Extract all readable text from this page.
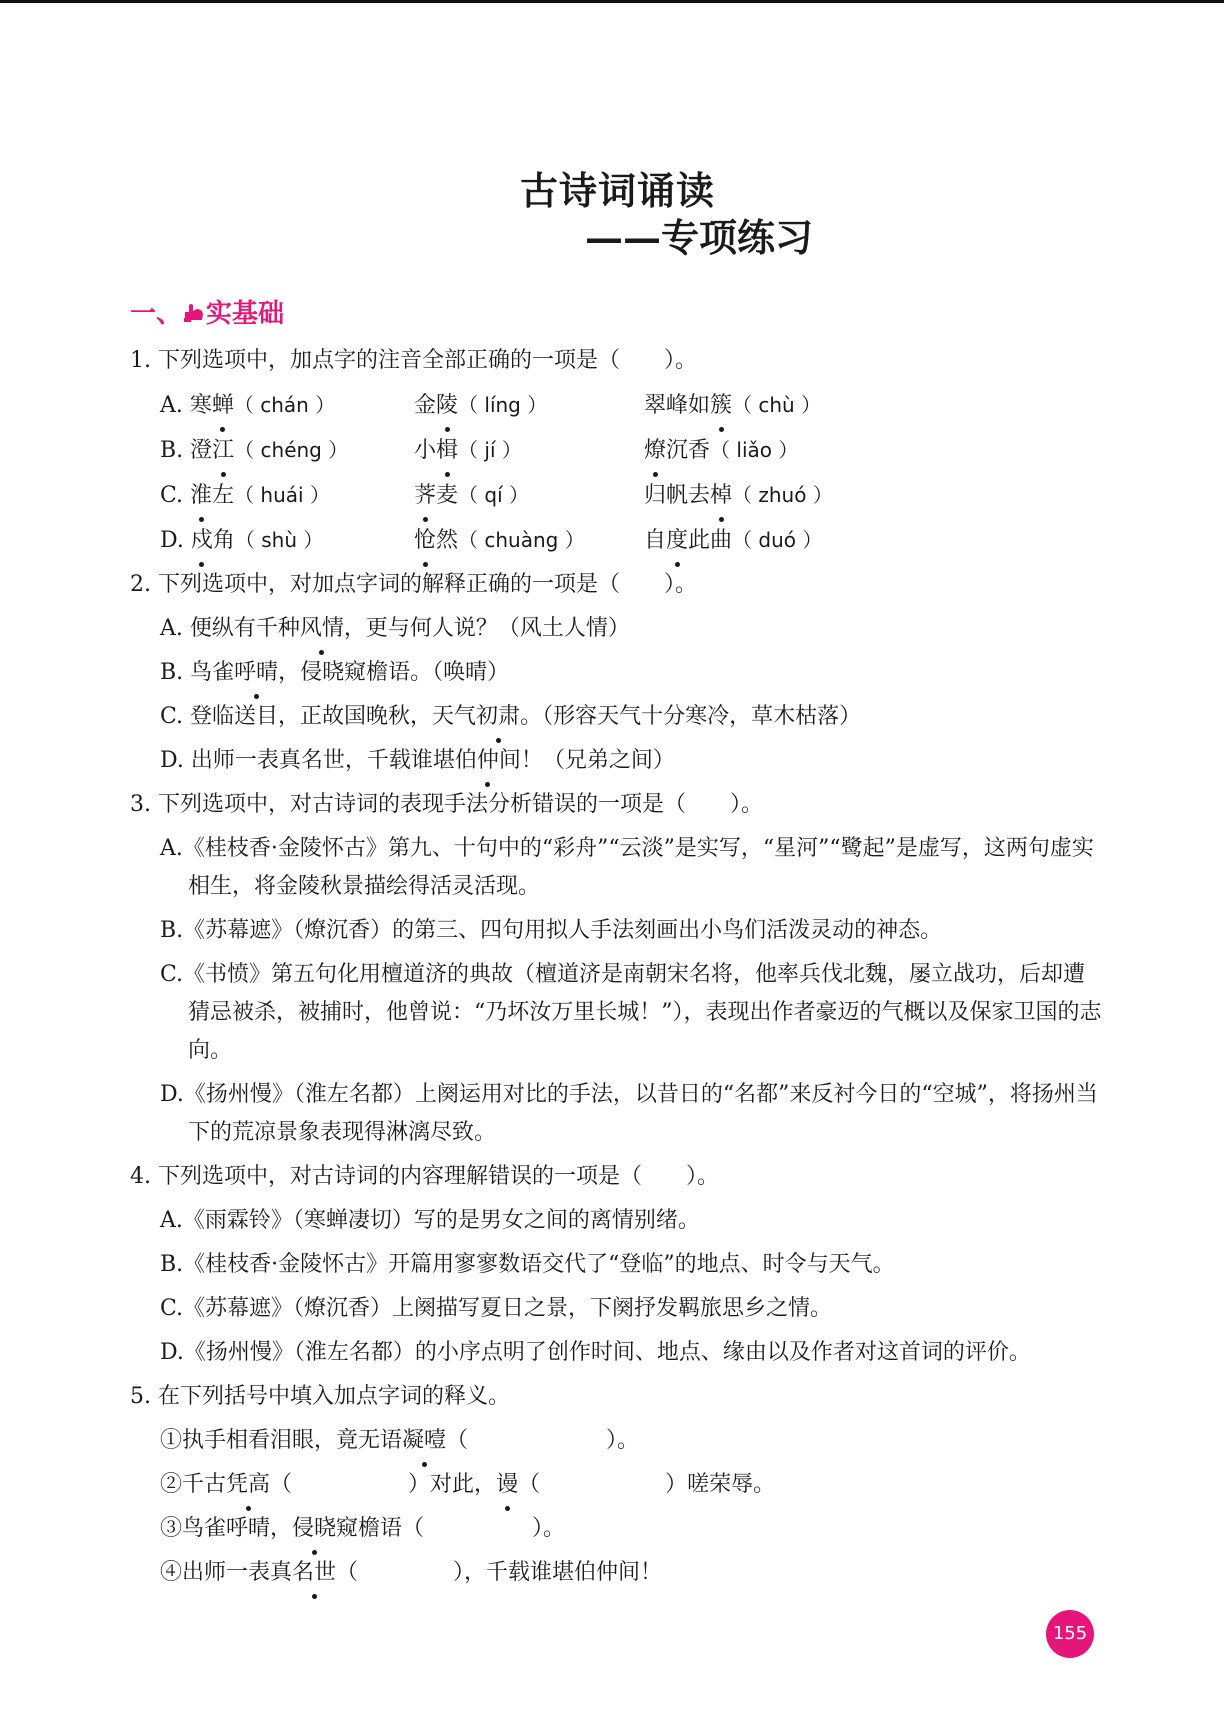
古诗词诵读
——专项练习
一、 实基础

1. 下列选项中，加点字的注音全部正确的一项是（　　）。

A. 寒蝉（ chán ）	金陵（ líng ）	翠峰如簇（ chù ）
B. 澄江（ chéng ）	小楫（ jí ）	燎沉香（ liǎo ）
C. 淮左（ huái ）	荠麦（ qí ）	归帆去棹（ zhuó ）
D. 戍角（ shù ）	怆然（ chuàng ）	自度此曲（ duó ）

2. 下列选项中，对加点字词的解释正确的一项是（　　）。

A. 便纵有千种风情，更与何人说？（风土人情）

B. 鸟雀呼晴，侵晓窥檐语。（唤晴）

C. 登临送目，正故国晚秋，天气初肃。（形容天气十分寒冷，草木枯落）

D. 出师一表真名世，千载谁堪伯仲间！（兄弟之间）

3. 下列选项中，对古诗词的表现手法分析错误的一项是（　　）。

A.《桂枝香·金陵怀古》第九、十句中的“彩舟”“云淡”是实写，“星河”“鹭起”是虚写，这两句虚实相生，将金陵秋景描绘得活灵活现。

B.《苏幕遮》（燎沉香）的第三、四句用拟人手法刻画出小鸟们活泼灵动的神态。

C.《书愤》第五句化用檀道济的典故（檀道济是南朝宋名将，他率兵伐北魏，屡立战功，后却遭猜忌被杀，被捕时，他曾说：“乃坏汝万里长城！”），表现出作者豪迈的气概以及保家卫国的志向。

D.《扬州慢》（淮左名都）上阕运用对比的手法，以昔日的“名都”来反衬今日的“空城”，将扬州当下的荒凉景象表现得淋漓尽致。

4. 下列选项中，对古诗词的内容理解错误的一项是（　　）。

A.《雨霖铃》（寒蝉凄切）写的是男女之间的离情别绪。

B.《桂枝香·金陵怀古》开篇用寥寥数语交代了“登临”的地点、时令与天气。

C.《苏幕遮》（燎沉香）上阕描写夏日之景，下阕抒发羁旅思乡之情。

D.《扬州慢》（淮左名都）的小序点明了创作时间、地点、缘由以及作者对这首词的评价。

5. 在下列括号中填入加点字词的释义。

①执手相看泪眼，竟无语凝噎（	）。

②千古凭高（	）对此，谩（	）嗟荣辱。

③鸟雀呼晴，侵晓窥檐语（	）。

④出师一表真名世（	），千载谁堪伯仲间！

155
